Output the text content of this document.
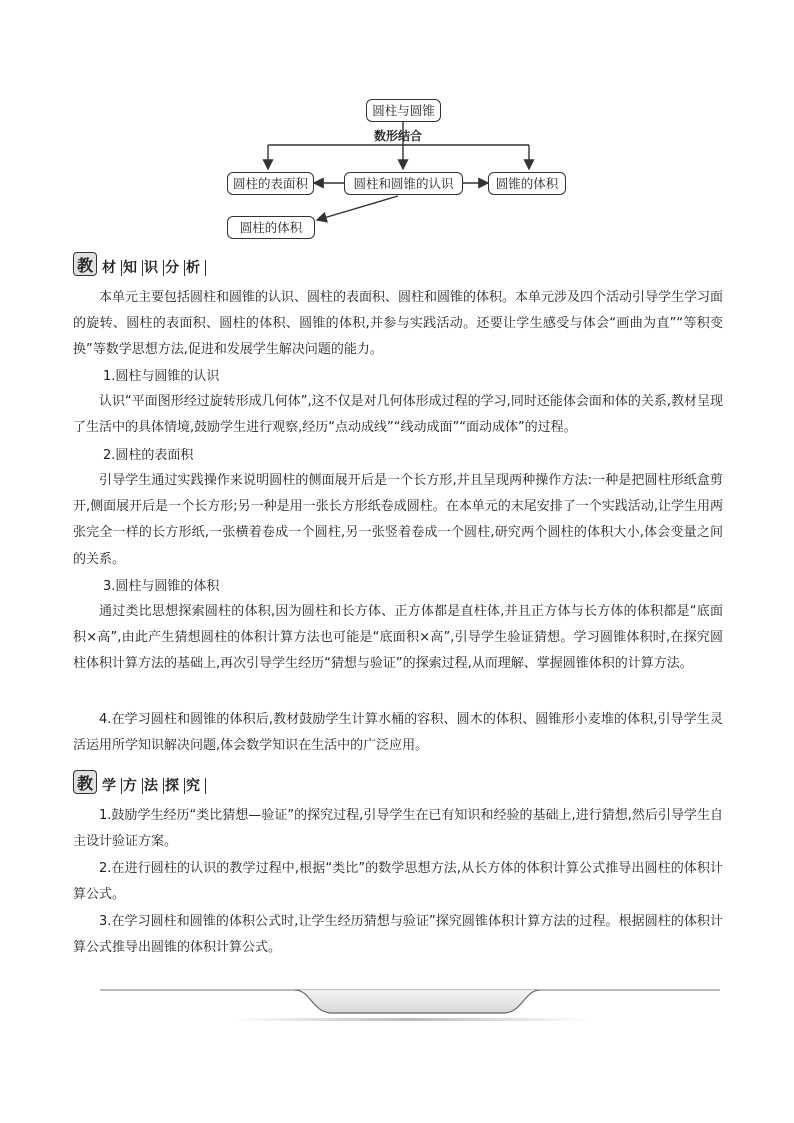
圆柱与圆锥
数形结合
圆柱的表面积	圆柱和圆锥的认识	圆锥的体积
圆柱的体积
教 材 知 识 分 析

本单元主要包括圆柱和圆锥的认识、圆柱的表面积、圆柱和圆锥的体积。本单元涉及四个活动引导学生学习面的旋转、圆柱的表面积、圆柱的体积、圆锥的体积,并参与实践活动。还要让学生感受与体会“画曲为直”“等积变换”等数学思想方法,促进和发展学生解决问题的能力。

1.圆柱与圆锥的认识

认识“平面图形经过旋转形成几何体”,这不仅是对几何体形成过程的学习,同时还能体会面和体的关系,教材呈现了生活中的具体情境,鼓励学生进行观察,经历“点动成线”“线动成面”“面动成体”的过程。

2.圆柱的表面积

引导学生通过实践操作来说明圆柱的侧面展开后是一个长方形,并且呈现两种操作方法:一种是把圆柱形纸盒剪开,侧面展开后是一个长方形;另一种是用一张长方形纸卷成圆柱。在本单元的末尾安排了一个实践活动,让学生用两张完全一样的长方形纸,一张横着卷成一个圆柱,另一张竖着卷成一个圆柱,研究两个圆柱的体积大小,体会变量之间的关系。

3.圆柱与圆锥的体积

通过类比思想探索圆柱的体积,因为圆柱和长方体、正方体都是直柱体,并且正方体与长方体的体积都是“底面积×高”,由此产生猜想圆柱的体积计算方法也可能是“底面积×高”,引导学生验证猜想。学习圆锥体积时,在探究圆柱体积计算方法的基础上,再次引导学生经历“猜想与验证”的探索过程,从而理解、掌握圆锥体积的计算方法。

4.在学习圆柱和圆锥的体积后,教材鼓励学生计算水桶的容积、圆木的体积、圆锥形小麦堆的体积,引导学生灵活运用所学知识解决问题,体会数学知识在生活中的广泛应用。

教 学 方 法 探 究

1.鼓励学生经历“类比猜想—验证”的探究过程,引导学生在已有知识和经验的基础上,进行猜想,然后引导学生自主设计验证方案。

2.在进行圆柱的认识的教学过程中,根据“类比”的数学思想方法,从长方体的体积计算公式推导出圆柱的体积计算公式。

3.在学习圆柱和圆锥的体积公式时,让学生经历猜想与验证”探究圆锥体积计算方法的过程。根据圆柱的体积计算公式推导出圆锥的体积计算公式。
